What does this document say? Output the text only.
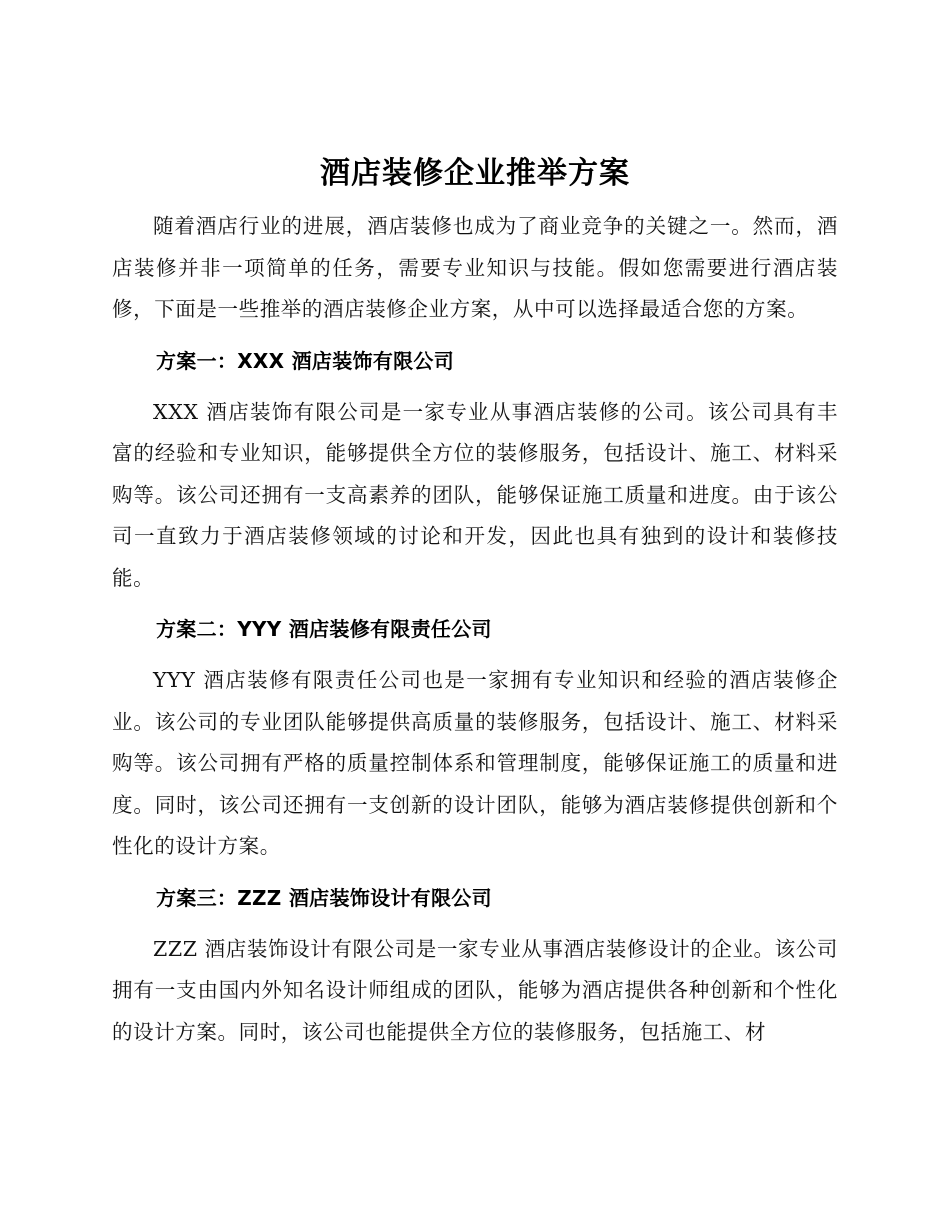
酒店装修企业推举方案

随着酒店行业的进展，酒店装修也成为了商业竞争的关键之一。然而，酒店装修并非一项简单的任务，需要专业知识与技能。假如您需要进行酒店装修，下面是一些推举的酒店装修企业方案，从中可以选择最适合您的方案。

方案一：XXX 酒店装饰有限公司

XXX 酒店装饰有限公司是一家专业从事酒店装修的公司。该公司具有丰富的经验和专业知识，能够提供全方位的装修服务，包括设计、施工、材料采购等。该公司还拥有一支高素养的团队，能够保证施工质量和进度。由于该公司一直致力于酒店装修领域的讨论和开发，因此也具有独到的设计和装修技能。

方案二：YYY 酒店装修有限责任公司

YYY 酒店装修有限责任公司也是一家拥有专业知识和经验的酒店装修企业。该公司的专业团队能够提供高质量的装修服务，包括设计、施工、材料采购等。该公司拥有严格的质量控制体系和管理制度，能够保证施工的质量和进度。同时，该公司还拥有一支创新的设计团队，能够为酒店装修提供创新和个性化的设计方案。

方案三：ZZZ 酒店装饰设计有限公司

ZZZ 酒店装饰设计有限公司是一家专业从事酒店装修设计的企业。该公司拥有一支由国内外知名设计师组成的团队，能够为酒店提供各种创新和个性化的设计方案。同时，该公司也能提供全方位的装修服务，包括施工、材
